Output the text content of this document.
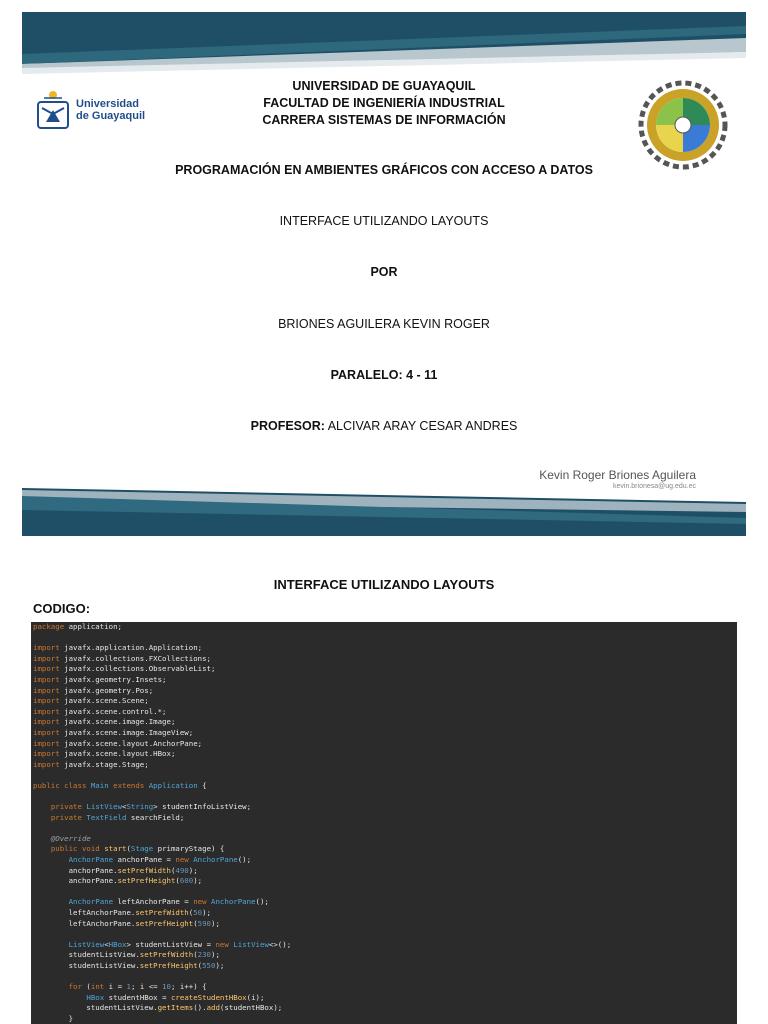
Universidad
de Guayaquil
UNIVERSIDAD DE GUAYAQUIL
FACULTAD DE INGENIERÍA INDUSTRIAL
CARRERA SISTEMAS DE INFORMACIÓN
PROGRAMACIÓN EN AMBIENTES GRÁFICOS CON ACCESO A DATOS
INTERFACE UTILIZANDO LAYOUTS
POR
BRIONES AGUILERA KEVIN ROGER
PARALELO: 4 - 11
PROFESOR: ALCIVAR ARAY CESAR ANDRES
Kevin Roger Briones Aguilera
kevin.brionesa@ug.edu.ec
INTERFACE UTILIZANDO LAYOUTS
CODIGO:
package application;

import javafx.application.Application;
import javafx.collections.FXCollections;
import javafx.collections.ObservableList;
import javafx.geometry.Insets;
import javafx.geometry.Pos;
import javafx.scene.Scene;
import javafx.scene.control.*;
import javafx.scene.image.Image;
import javafx.scene.image.ImageView;
import javafx.scene.layout.AnchorPane;
import javafx.scene.layout.HBox;
import javafx.stage.Stage;

public class Main extends Application {

private ListView<String> studentInfoListView;
private TextField searchField;

@Override
public void start(Stage primaryStage) {
AnchorPane anchorPane = new AnchorPane();
anchorPane.setPrefWidth(490);
anchorPane.setPrefHeight(600);

AnchorPane leftAnchorPane = new AnchorPane();
leftAnchorPane.setPrefWidth(50);
leftAnchorPane.setPrefHeight(590);

ListView<HBox> studentListView = new ListView<>();
studentListView.setPrefWidth(230);
studentListView.setPrefHeight(550);

for (int i = 1; i <= 10; i++) {
HBox studentHBox = createStudentHBox(i);
studentListView.getItems().add(studentHBox);
}
